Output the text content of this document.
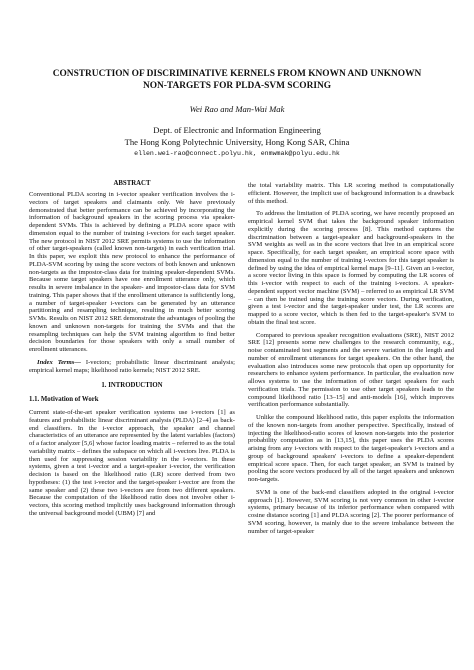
CONSTRUCTION OF DISCRIMINATIVE KERNELS FROM KNOWN AND UNKNOWN
NON-TARGETS FOR PLDA-SVM SCORING
Wei Rao and Man-Wai Mak
Dept. of Electronic and Information Engineering
The Hong Kong Polytechnic University, Hong Kong SAR, China
ellen.wei-rao@connect.polyu.hk, enmwmak@polyu.edu.hk
ABSTRACT

Conventional PLDA scoring in i-vector speaker verification involves the i-vectors of target speakers and claimants only. We have previously demonstrated that better performance can be achieved by incorporating the information of background speakers in the scoring process via speaker-dependent SVMs. This is achieved by defining a PLDA score space with dimension equal to the number of training i-vectors for each target speaker. The new protocol in NIST 2012 SRE permits systems to use the information of other target-speakers (called known non-targets) in each verification trial. In this paper, we exploit this new protocol to enhance the performance of PLDA-SVM scoring by using the score vectors of both known and unknown non-targets as the impostor-class data for training speaker-dependent SVMs. Because some target speakers have one enrollment utterance only, which results in severe imbalance in the speaker- and impostor-class data for SVM training. This paper shows that if the enrollment utterance is sufficiently long, a number of target-speaker i-vectors can be generated by an utterance partitioning and resampling technique, resulting in much better scoring SVMs. Results on NIST 2012 SRE demonstrate the advantages of pooling the known and unknown non-targets for training the SVMs and that the resampling techniques can help the SVM training algorithm to find better decision boundaries for those speakers with only a small number of enrollment utterances.

Index Terms— I-vectors; probabilistic linear discriminant analysis; empirical kernel maps; likelihood ratio kernels; NIST 2012 SRE.

1. INTRODUCTION
1.1. Motivation of Work

Current state-of-the-art speaker verification systems use i-vectors [1] as features and probabilistic linear discriminant analysis (PLDA) [2–4] as back-end classifiers. In the i-vector approach, the speaker and channel characteristics of an utterance are represented by the latent variables (factors) of a factor analyzer [5,6] whose factor loading matrix – referred to as the total variability matrix – defines the subspace on which all i-vectors live. PLDA is then used for suppressing session variability in the i-vectors. In these systems, given a test i-vector and a target-speaker i-vector, the verification decision is based on the likelihood ratio (LR) score derived from two hypotheses: (1) the test i-vector and the target-speaker i-vector are from the same speaker and (2) these two i-vectors are from two different speakers. Because the computation of the likelihood ratio does not involve other i-vectors, this scoring method implicitly uses background information through the universal background model (UBM) [7] and

the total variability matrix. This LR scoring method is computationally efficient. However, the implicit use of background information is a drawback of this method.

To address the limitation of PLDA scoring, we have recently proposed an empirical kernel SVM that takes the background speaker information explicitly during the scoring process [8]. This method captures the discrimination between a target-speaker and background-speakers in the SVM weights as well as in the score vectors that live in an empirical score space. Specifically, for each target speaker, an empirical score space with dimension equal to the number of training i-vectors for this target speaker is defined by using the idea of empirical kernel maps [9–11]. Given an i-vector, a score vector living in this space is formed by computing the LR scores of this i-vector with respect to each of the training i-vectors. A speaker-dependent support vector machine (SVM) – referred to as empirical LR SVM – can then be trained using the training score vectors. During verification, given a test i-vector and the target-speaker under test, the LR scores are mapped to a score vector, which is then fed to the target-speaker's SVM to obtain the final test score.

Compared to previous speaker recognition evaluations (SRE), NIST 2012 SRE [12] presents some new challenges to the research community, e.g., noise contaminated test segments and the severe variation in the length and number of enrollment utterances for target speakers. On the other hand, the evaluation also introduces some new protocols that open up opportunity for researchers to enhance system performance. In particular, the evaluation now allows systems to use the information of other target speakers for each verification trials. The permission to use other target speakers leads to the compound likelihood ratio [13–15] and anti-models [16], which improves verification performance substantially.

Unlike the compound likelihood ratio, this paper exploits the information of the known non-targets from another perspective. Specifically, instead of injecting the likelihood-ratio scores of known non-targets into the posterior probability computation as in [13,15], this paper uses the PLDA scores arising from any i-vectors with respect to the target-speaker's i-vectors and a group of background speakers' i-vectors to define a speaker-dependent empirical score space. Then, for each target speaker, an SVM is trained by pooling the score vectors produced by all of the target speakers and unknown non-targets.

SVM is one of the back-end classifiers adopted in the original i-vector approach [1]. However, SVM scoring is not very common in other i-vector systems, primary because of its inferior performance when compared with cosine distance scoring [1] and PLDA scoring [2]. The poorer performance of SVM scoring, however, is mainly due to the severe imbalance between the number of target-speaker
